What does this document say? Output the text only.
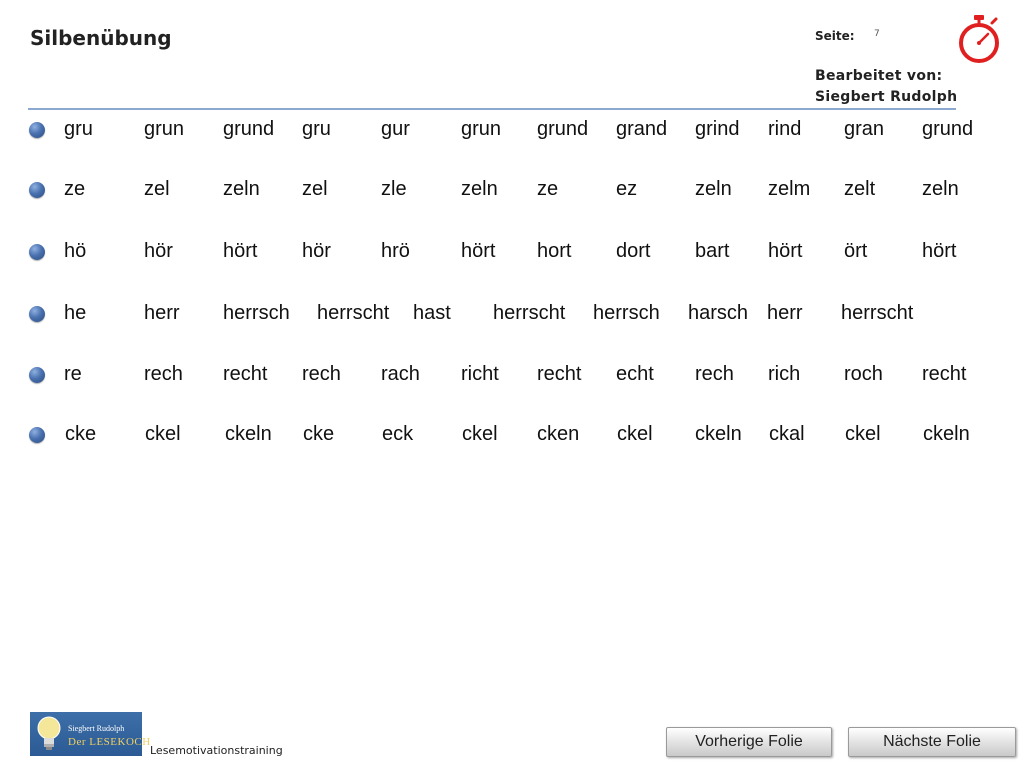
Silbenübung	Seite: 7
Bearbeitet von:
Siegbert Rudolph
gru	grun grund gru	gur	grun grund grand grind rind gran grund
ze	zel	zeln zel	zle	zeln ze	ez	zeln zelm zelt zeln
hö	hör	hört hör	hrö	hört hort dort bart hört ört	hört
he	herr herrsch herrscht hast herrscht herrsch harsch herr herrscht
re	rech recht rech rach richt recht echt rech rich roch recht
cke ckel ckeln cke eck ckel cken ckel ckeln ckal ckel ckeln
Siegbert Rudolph
Der LESEKOCH
Lesemotivationstraining
Vorherige Folie	Nächste Folie
